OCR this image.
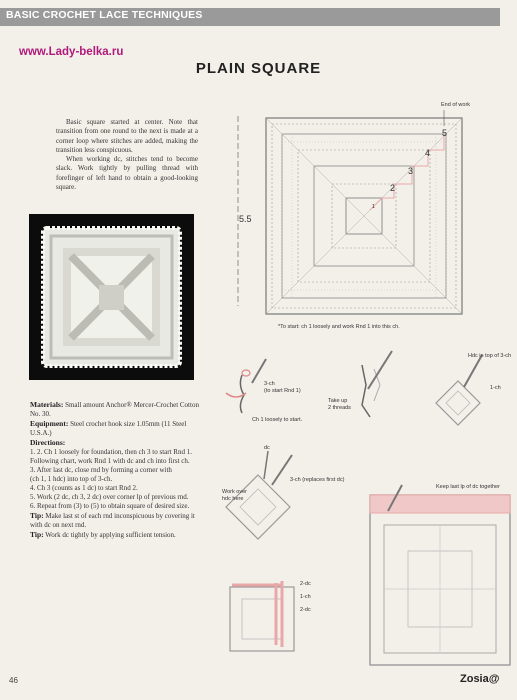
BASIC CROCHET LACE TECHNIQUES
www.Lady-belka.ru
PLAIN SQUARE

Basic square started at center. Note that transition from one round to the next is made at a corner loop where stitches are added, making the transition less conspicuous.

When working dc, stitches tend to become slack. Work tightly by pulling thread with forefinger of left hand to obtain a good-looking square.

5.5
1
2
3
4
5
End of work
*To start: ch 1 loosely and work Rnd 1 into this ch.
3-ch
(to start Rnd 1)
Ch 1 loosely to start.
Take up
2 threads
Hdc in top of 3-ch
1-ch
dc
3-ch (replaces first dc)
Work over
hdc here
2-dc
1-ch
2-dc
Keep last lp of dc together
Materials: Small amount Anchor® Mercer-Crochet Cotton No. 30.
Equipment: Steel crochet hook size 1.05mm (11 Steel U.S.A.)
Directions:
1. 2. Ch 1 loosely for foundation, then ch 3 to start Rnd 1.
Following chart, work Rnd 1 with dc and ch into first ch.
3. After last dc, close rnd by forming a corner with
(ch 1, 1 hdc) into top of 3-ch.
4. Ch 3 (counts as 1 dc) to start Rnd 2.
5. Work (2 dc, ch 3, 2 dc) over corner lp of previous rnd.
6. Repeat from (3) to (5) to obtain square of desired size.
Tip: Make last st of each rnd inconspicuous by covering it with dc on next rnd.
Tip: Work dc tightly by applying sufficient tension.
46	Zosia@
